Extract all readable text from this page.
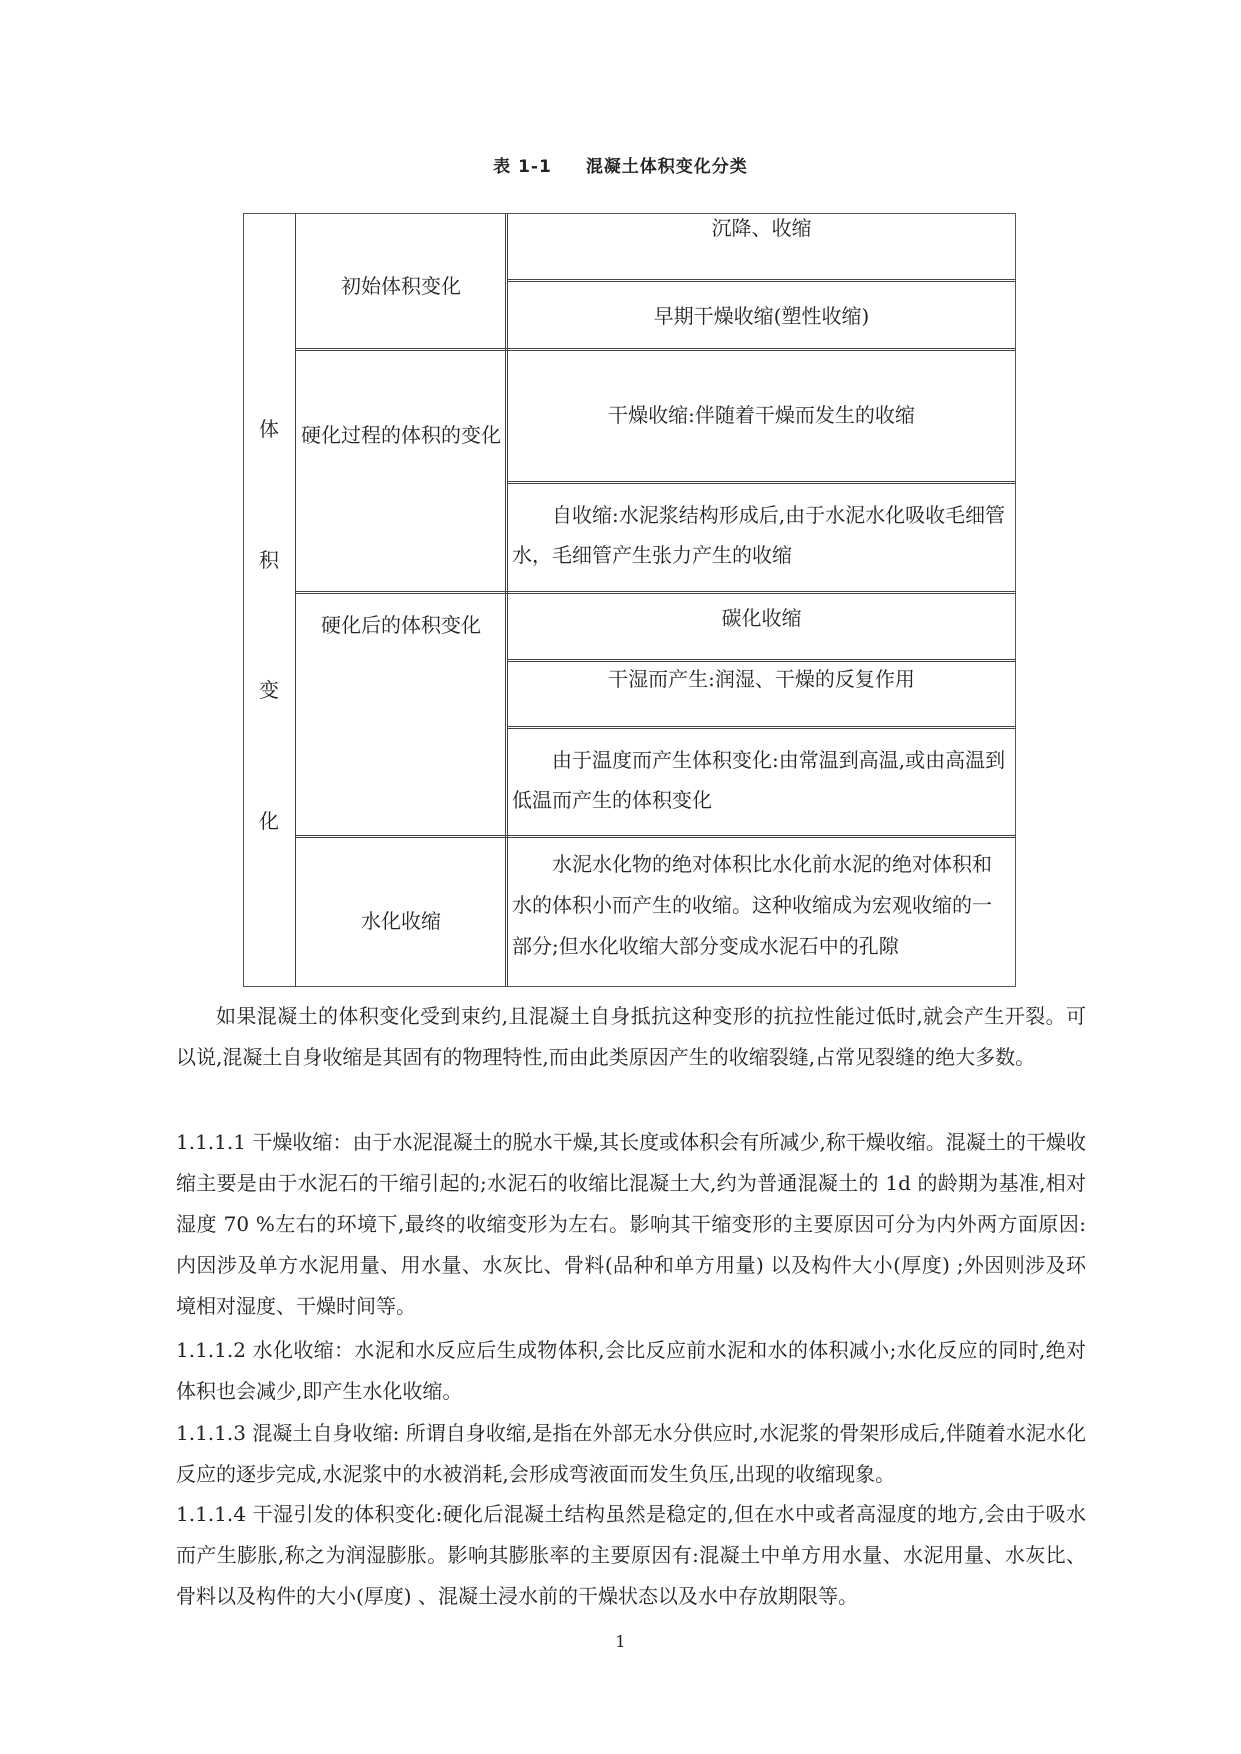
表 1-1 混凝土体积变化分类
体
积
变
化
初始体积变化
硬化过程的体积的变化
硬化后的体积变化
水化收缩
沉降、收缩
早期干燥收缩(塑性收缩)
干燥收缩:伴随着干燥而发生的收缩
自收缩:水泥浆结构形成后,由于水泥水化吸收毛细管水，毛细管产生张力产生的收缩
碳化收缩
干湿而产生:润湿、干燥的反复作用
由于温度而产生体积变化:由常温到高温,或由高温到低温而产生的体积变化
水泥水化物的绝对体积比水化前水泥的绝对体积和水的体积小而产生的收缩。这种收缩成为宏观收缩的一部分;但水化收缩大部分变成水泥石中的孔隙
如果混凝土的体积变化受到束约,且混凝土自身抵抗这种变形的抗拉性能过低时,就会产生开裂。可以说,混凝土自身收缩是其固有的物理特性,而由此类原因产生的收缩裂缝,占常见裂缝的绝大多数。
1.1.1.1 干燥收缩：由于水泥混凝土的脱水干燥,其长度或体积会有所减少,称干燥收缩。混凝土的干燥收缩主要是由于水泥石的干缩引起的;水泥石的收缩比混凝土大,约为普通混凝土的 1d 的龄期为基准,相对湿度 70 %左右的环境下,最终的收缩变形为左右。影响其干缩变形的主要原因可分为内外两方面原因: 内因涉及单方水泥用量、用水量、水灰比、骨料(品种和单方用量) 以及构件大小(厚度) ;外因则涉及环境相对湿度、干燥时间等。
1.1.1.2 水化收缩：水泥和水反应后生成物体积,会比反应前水泥和水的体积减小;水化反应的同时,绝对体积也会减少,即产生水化收缩。
1.1.1.3 混凝土自身收缩: 所谓自身收缩,是指在外部无水分供应时,水泥浆的骨架形成后,伴随着水泥水化反应的逐步完成,水泥浆中的水被消耗,会形成弯液面而发生负压,出现的收缩现象。
1.1.1.4 干湿引发的体积变化:硬化后混凝土结构虽然是稳定的,但在水中或者高湿度的地方,会由于吸水而产生膨胀,称之为润湿膨胀。影响其膨胀率的主要原因有:混凝土中单方用水量、水泥用量、水灰比、骨料以及构件的大小(厚度) 、混凝土浸水前的干燥状态以及水中存放期限等。
1
